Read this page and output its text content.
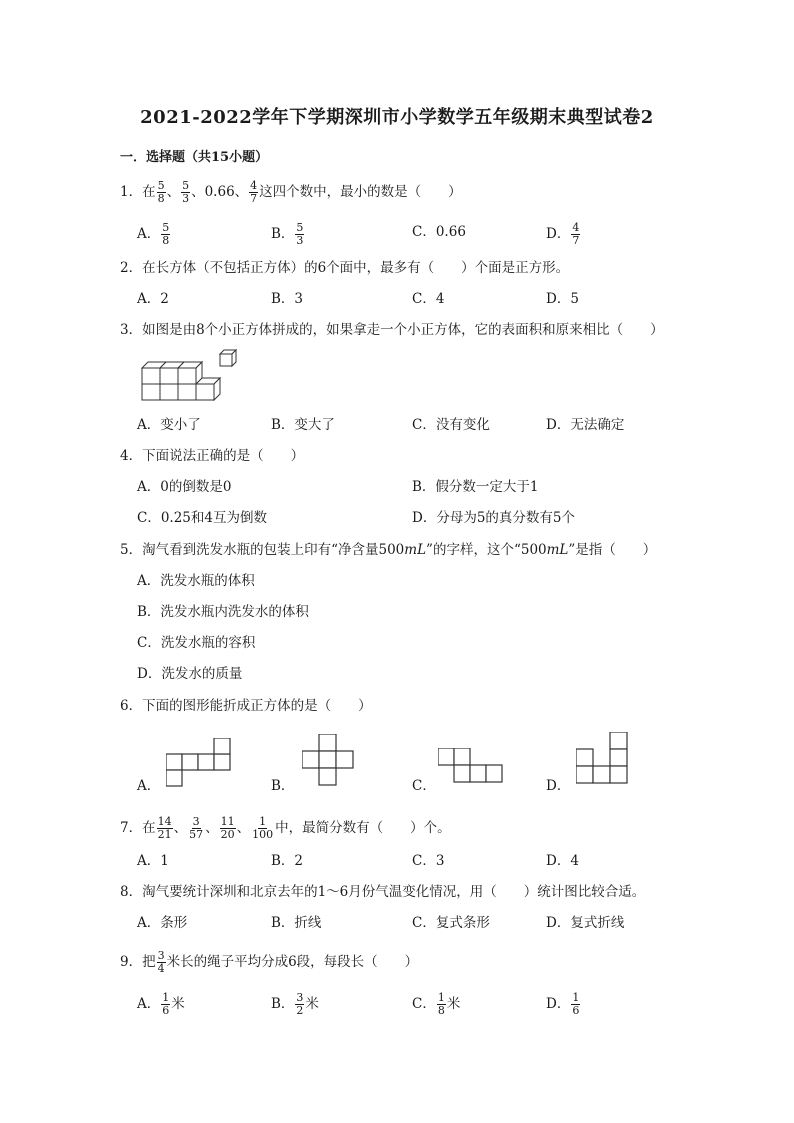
2021-2022学年下学期深圳市小学数学五年级期末典型试卷2
一．选择题（共15小题）
1．在 $\frac{5}{8}$ 、 $\frac{5}{3}$ 、0.66、 $\frac{4}{7}$ 这四个数中，最小的数是（　　）
A． $\frac{5}{8}$	B． $\frac{5}{3}$	C．0.66	D． $\frac{4}{7}$
2．在长方体（不包括正方体）的6个面中，最多有（　　）个面是正方形。
A．2	B．3	C．4	D．5
3．如图是由8个小正方体拼成的，如果拿走一个小正方体，它的表面积和原来相比（　　）
A．变小了	B．变大了	C．没有变化	D．无法确定
4．下面说法正确的是（　　）
A．0的倒数是0	B．假分数一定大于1
C．0.25和4互为倒数	D．分母为5的真分数有5个
5．淘气看到洗发水瓶的包装上印有“净含量500mL”的字样，这个“500mL”是指（　　）
A．洗发水瓶的体积
B．洗发水瓶内洗发水的体积
C．洗发水瓶的容积
D．洗发水的质量
6．下面的图形能折成正方体的是（　　）
A．	B．	C．	D．
7．在 $\frac{14}{21}$ 、 $\frac{3}{57}$ 、 $\frac{11}{20}$ 、 $\frac{1}{100}$ 中，最简分数有（　　）个。
A．1	B．2	C．3	D．4
8．淘气要统计深圳和北京去年的1～6月份气温变化情况，用（　　）统计图比较合适。
A．条形	B．折线	C．复式条形	D．复式折线
9．把 $\frac{3}{4}$ 米长的绳子平均分成6段，每段长（　　）
A． $\frac{1}{6}$ 米	B． $\frac{3}{2}$ 米	C． $\frac{1}{8}$ 米	D． $\frac{1}{6}$
